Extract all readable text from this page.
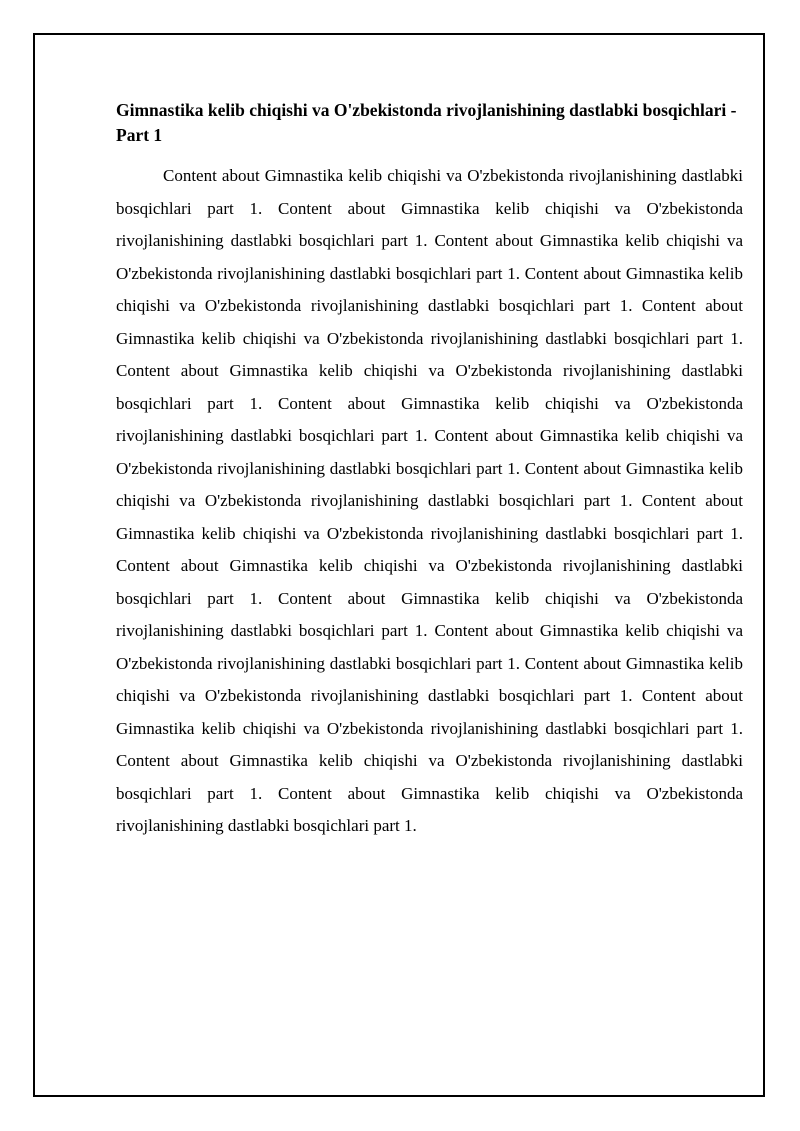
Gimnastika kelib chiqishi va O'zbekistonda rivojlanishining dastlabki bosqichlari - Part 1

Content about Gimnastika kelib chiqishi va O'zbekistonda rivojlanishining dastlabki bosqichlari part 1. Content about Gimnastika kelib chiqishi va O'zbekistonda rivojlanishining dastlabki bosqichlari part 1. Content about Gimnastika kelib chiqishi va O'zbekistonda rivojlanishining dastlabki bosqichlari part 1. Content about Gimnastika kelib chiqishi va O'zbekistonda rivojlanishining dastlabki bosqichlari part 1. Content about Gimnastika kelib chiqishi va O'zbekistonda rivojlanishining dastlabki bosqichlari part 1. Content about Gimnastika kelib chiqishi va O'zbekistonda rivojlanishining dastlabki bosqichlari part 1. Content about Gimnastika kelib chiqishi va O'zbekistonda rivojlanishining dastlabki bosqichlari part 1. Content about Gimnastika kelib chiqishi va O'zbekistonda rivojlanishining dastlabki bosqichlari part 1. Content about Gimnastika kelib chiqishi va O'zbekistonda rivojlanishining dastlabki bosqichlari part 1. Content about Gimnastika kelib chiqishi va O'zbekistonda rivojlanishining dastlabki bosqichlari part 1. Content about Gimnastika kelib chiqishi va O'zbekistonda rivojlanishining dastlabki bosqichlari part 1. Content about Gimnastika kelib chiqishi va O'zbekistonda rivojlanishining dastlabki bosqichlari part 1. Content about Gimnastika kelib chiqishi va O'zbekistonda rivojlanishining dastlabki bosqichlari part 1. Content about Gimnastika kelib chiqishi va O'zbekistonda rivojlanishining dastlabki bosqichlari part 1. Content about Gimnastika kelib chiqishi va O'zbekistonda rivojlanishining dastlabki bosqichlari part 1. Content about Gimnastika kelib chiqishi va O'zbekistonda rivojlanishining dastlabki bosqichlari part 1. Content about Gimnastika kelib chiqishi va O'zbekistonda rivojlanishining dastlabki bosqichlari part 1.
